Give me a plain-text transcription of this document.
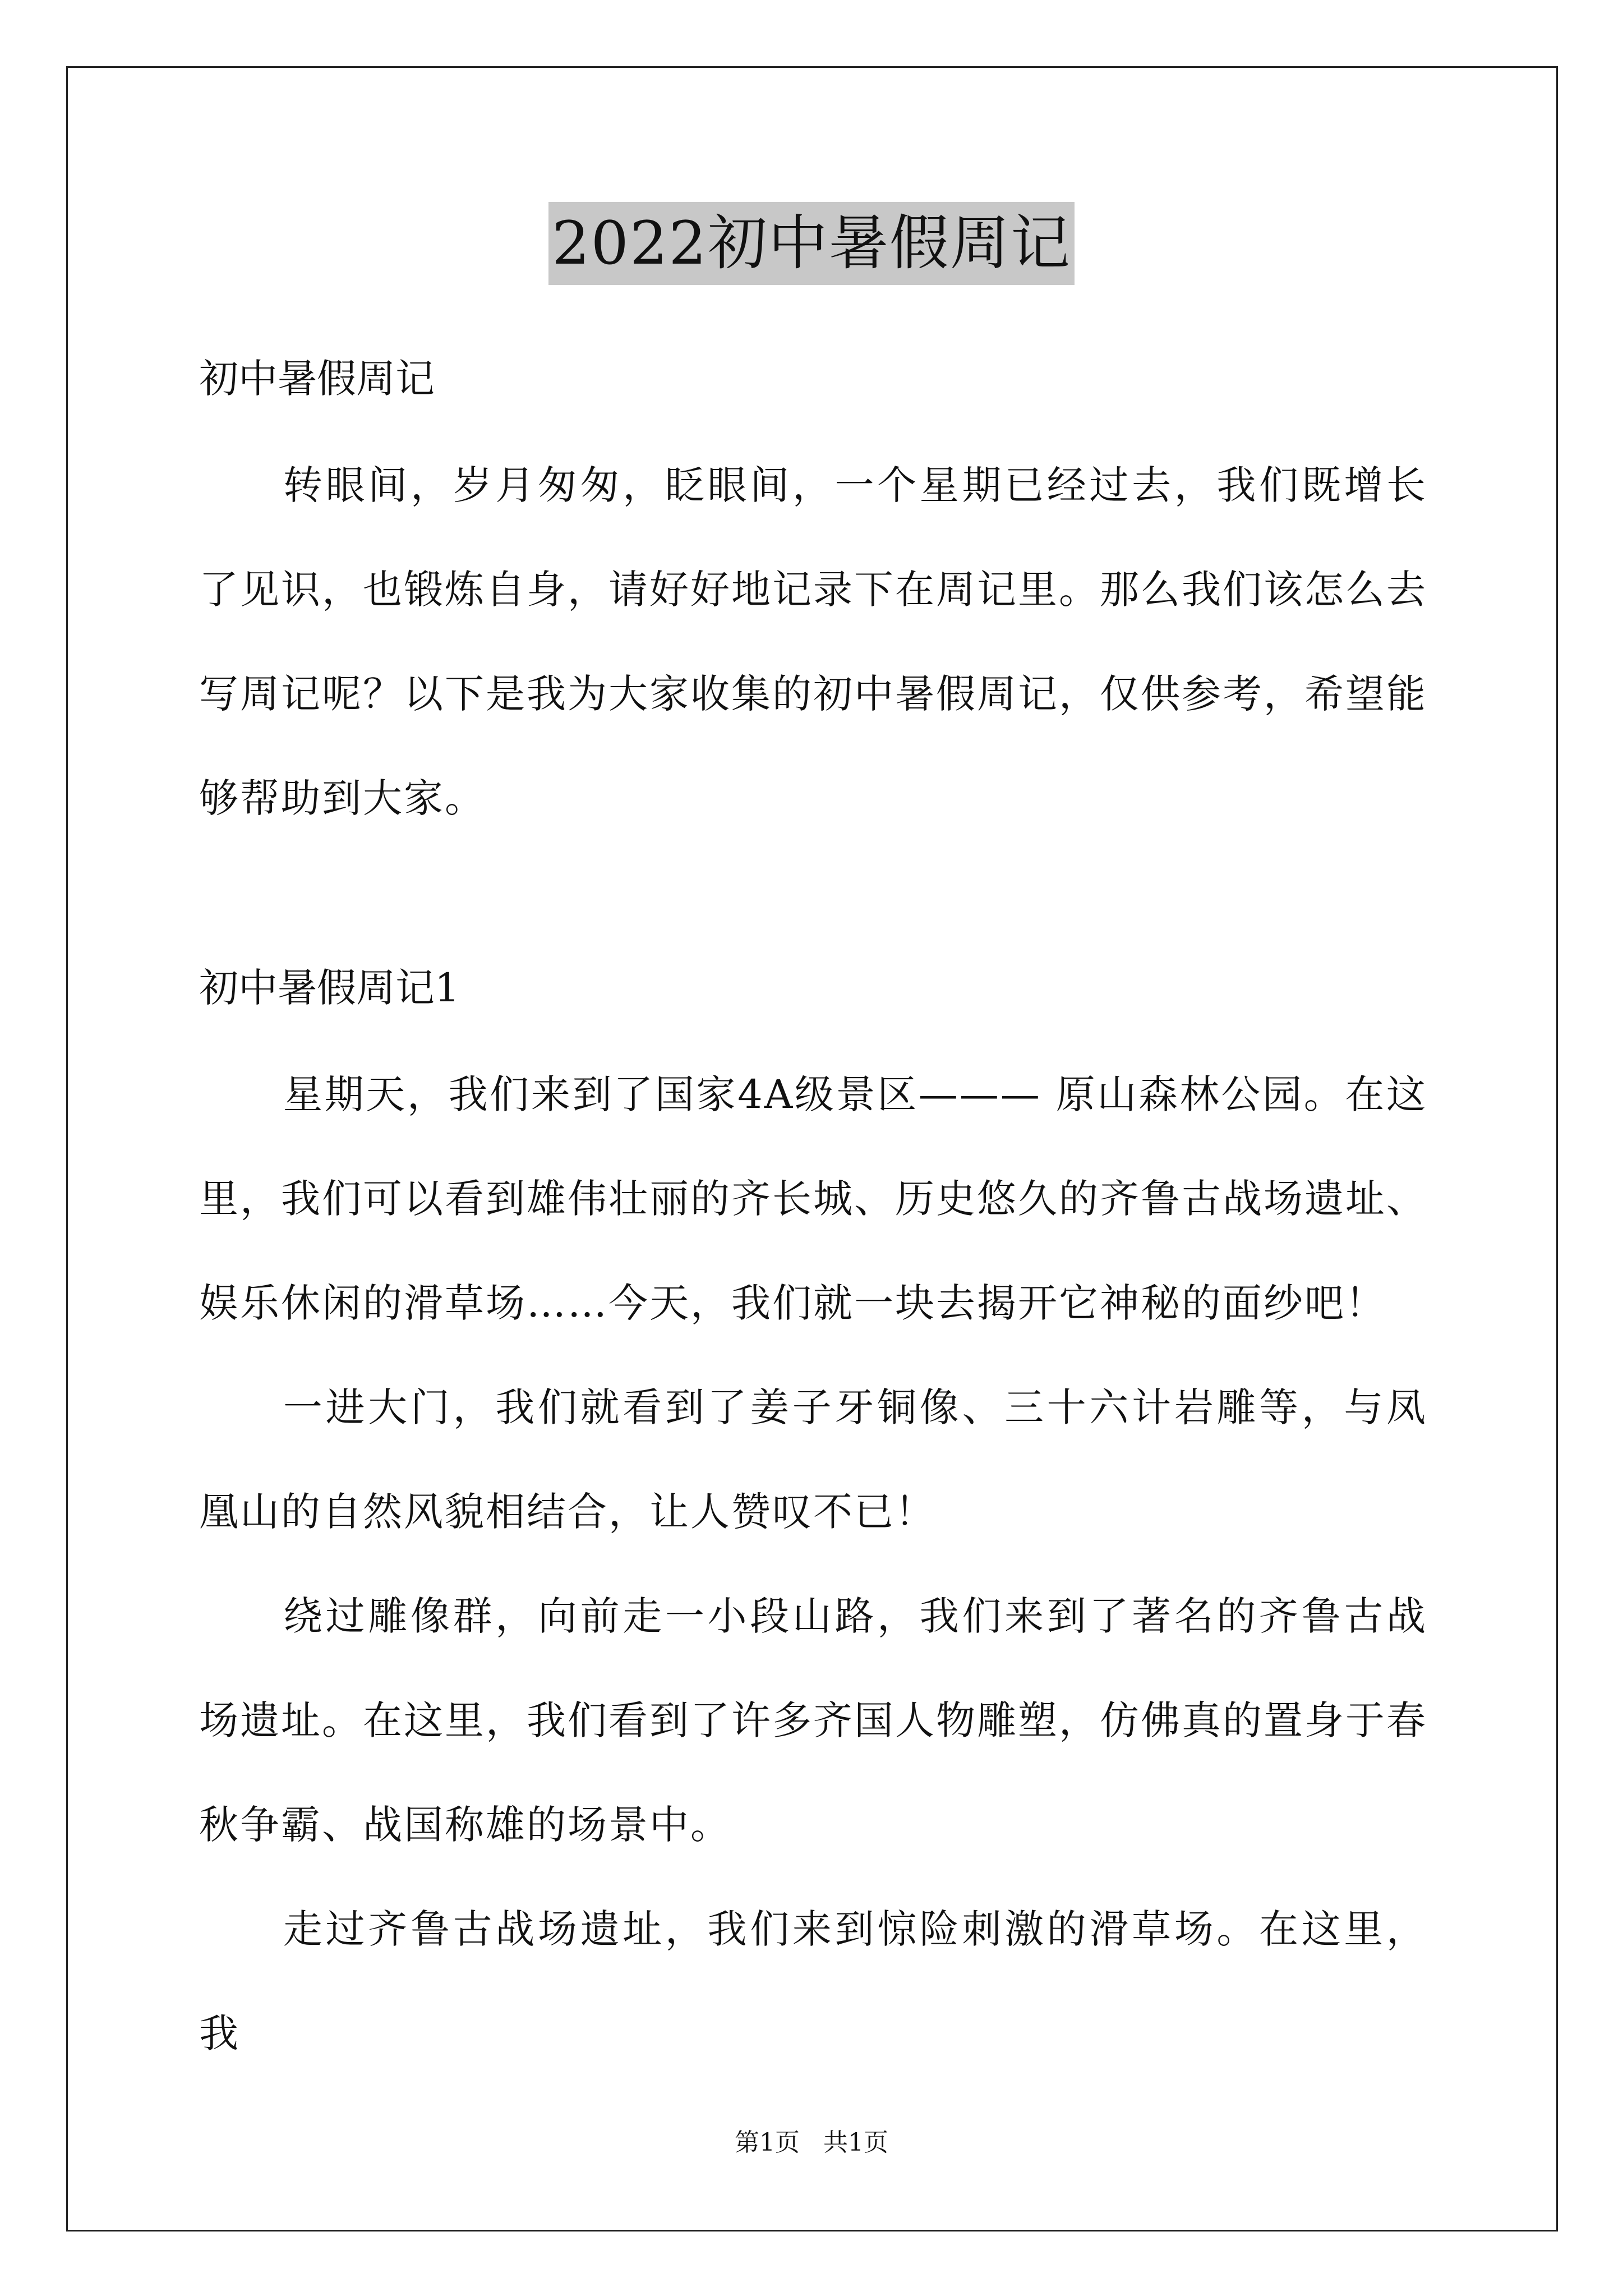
2022初中暑假周记

初中暑假周记

转眼间，岁月匆匆，眨眼间，一个星期已经过去，我们既增长了见识，也锻炼自身，请好好地记录下在周记里。那么我们该怎么去写周记呢？以下是我为大家收集的初中暑假周记，仅供参考，希望能够帮助到大家。

初中暑假周记1

星期天，我们来到了国家4A级景区——— 原山森林公园。在这里，我们可以看到雄伟壮丽的齐长城、历史悠久的齐鲁古战场遗址、娱乐休闲的滑草场……今天，我们就一块去揭开它神秘的面纱吧！

一进大门，我们就看到了姜子牙铜像、三十六计岩雕等，与凤凰山的自然风貌相结合，让人赞叹不已！

绕过雕像群，向前走一小段山路，我们来到了著名的齐鲁古战场遗址。在这里，我们看到了许多齐国人物雕塑，仿佛真的置身于春秋争霸、战国称雄的场景中。

走过齐鲁古战场遗址，我们来到惊险刺激的滑草场。在这里，我

第1页   共1页
